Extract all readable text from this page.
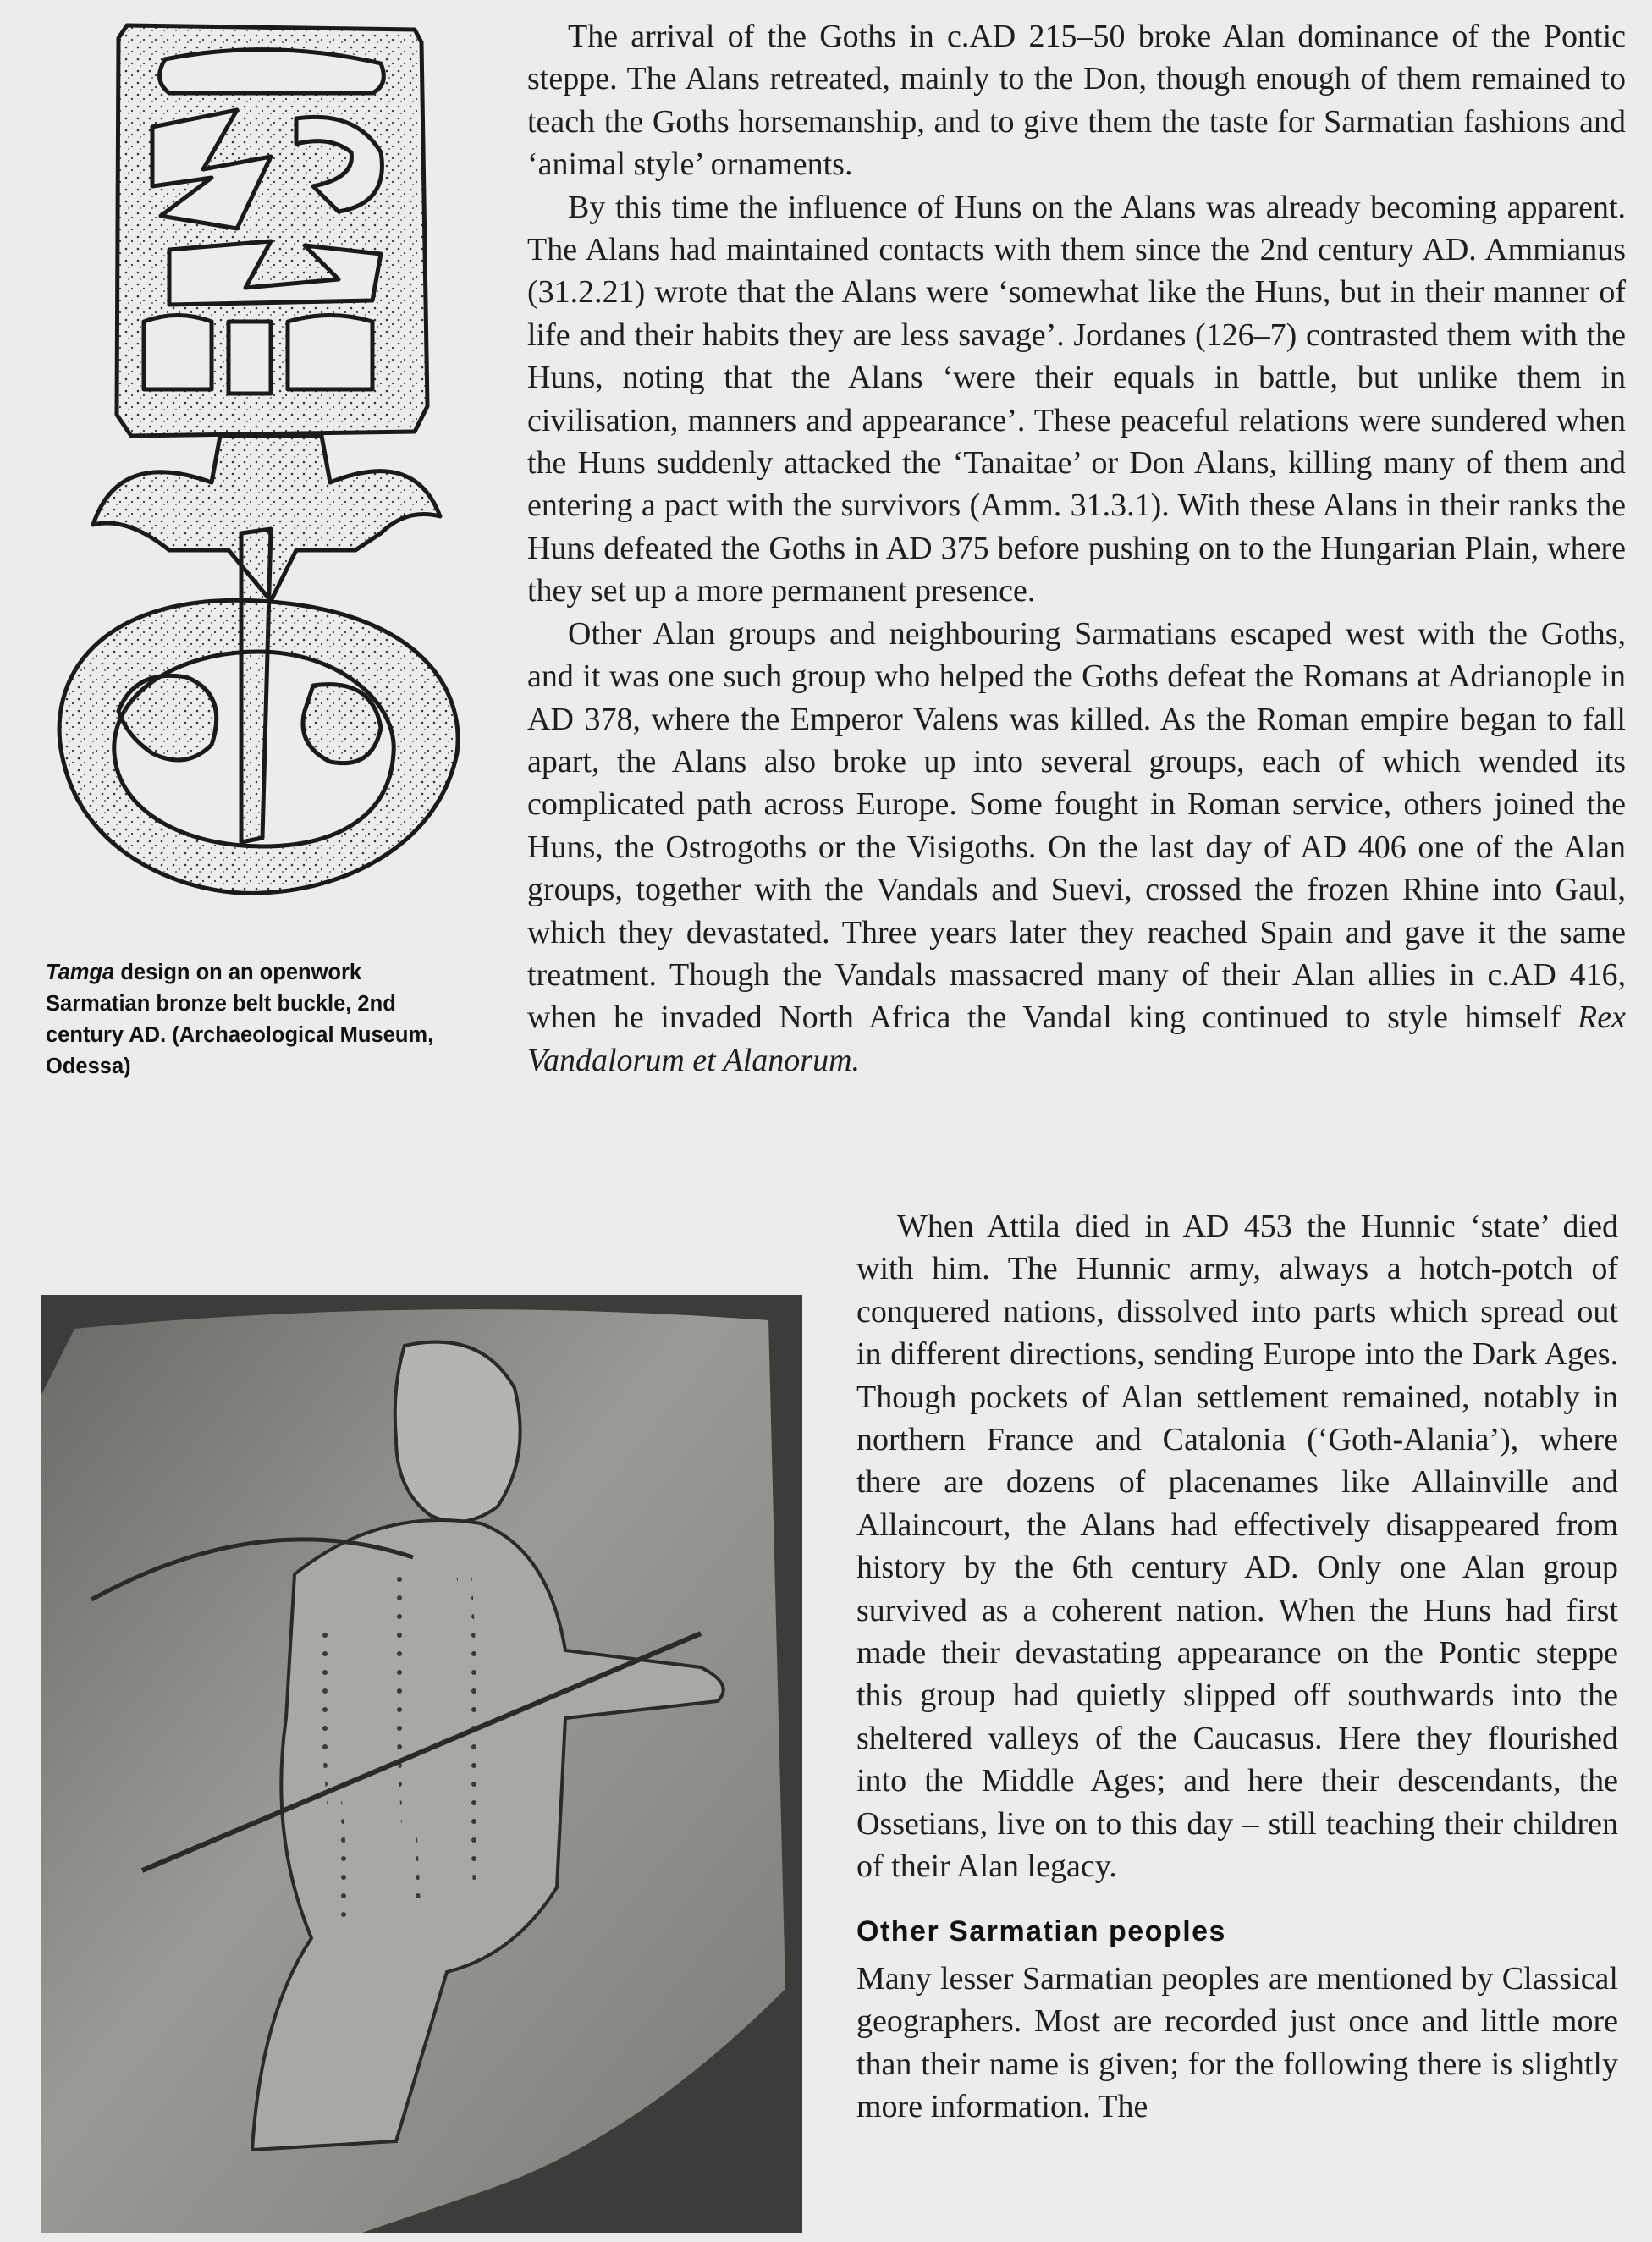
Tamga design on an openwork Sarmatian bronze belt buckle, 2nd century AD. (Archaeological Museum, Odessa)

The arrival of the Goths in c.AD 215–50 broke Alan dominance of the Pontic steppe. The Alans retreated, mainly to the Don, though enough of them remained to teach the Goths horsemanship, and to give them the taste for Sarmatian fashions and ‘animal style’ ornaments.

By this time the influence of Huns on the Alans was already becoming apparent. The Alans had maintained contacts with them since the 2nd century AD. Ammianus (31.2.21) wrote that the Alans were ‘somewhat like the Huns, but in their manner of life and their habits they are less savage’. Jordanes (126–7) contrasted them with the Huns, noting that the Alans ‘were their equals in battle, but unlike them in civilisation, manners and appearance’. These peaceful relations were sundered when the Huns suddenly attacked the ‘Tanaitae’ or Don Alans, killing many of them and entering a pact with the survivors (Amm. 31.3.1). With these Alans in their ranks the Huns defeated the Goths in AD 375 before pushing on to the Hungarian Plain, where they set up a more permanent presence.

Other Alan groups and neighbouring Sarmatians escaped west with the Goths, and it was one such group who helped the Goths defeat the Romans at Adrianople in AD 378, where the Emperor Valens was killed. As the Roman empire began to fall apart, the Alans also broke up into several groups, each of which wended its complicated path across Europe. Some fought in Roman service, others joined the Huns, the Ostrogoths or the Visigoths. On the last day of AD 406 one of the Alan groups, together with the Vandals and Suevi, crossed the frozen Rhine into Gaul, which they devastated. Three years later they reached Spain and gave it the same treatment. Though the Vandals massacred many of their Alan allies in c.AD 416, when he invaded North Africa the Vandal king continued to style himself Rex Vandalorum et Alanorum.

When Attila died in AD 453 the Hunnic ‘state’ died with him. The Hunnic army, always a hotch-potch of conquered nations, dissolved into parts which spread out in different directions, sending Europe into the Dark Ages. Though pockets of Alan settlement remained, notably in northern France and Catalonia (‘Goth-Alania’), where there are dozens of placenames like Allainville and Allaincourt, the Alans had effectively disappeared from history by the 6th century AD. Only one Alan group survived as a coherent nation. When the Huns had first made their devastating appearance on the Pontic steppe this group had quietly slipped off southwards into the sheltered valleys of the Caucasus. Here they flourished into the Middle Ages; and here their descendants, the Ossetians, live on to this day – still teaching their children of their Alan legacy.

Other Sarmatian peoples

Many lesser Sarmatian peoples are mentioned by Classical geographers. Most are recorded just once and little more than their name is given; for the following there is slightly more information. The
